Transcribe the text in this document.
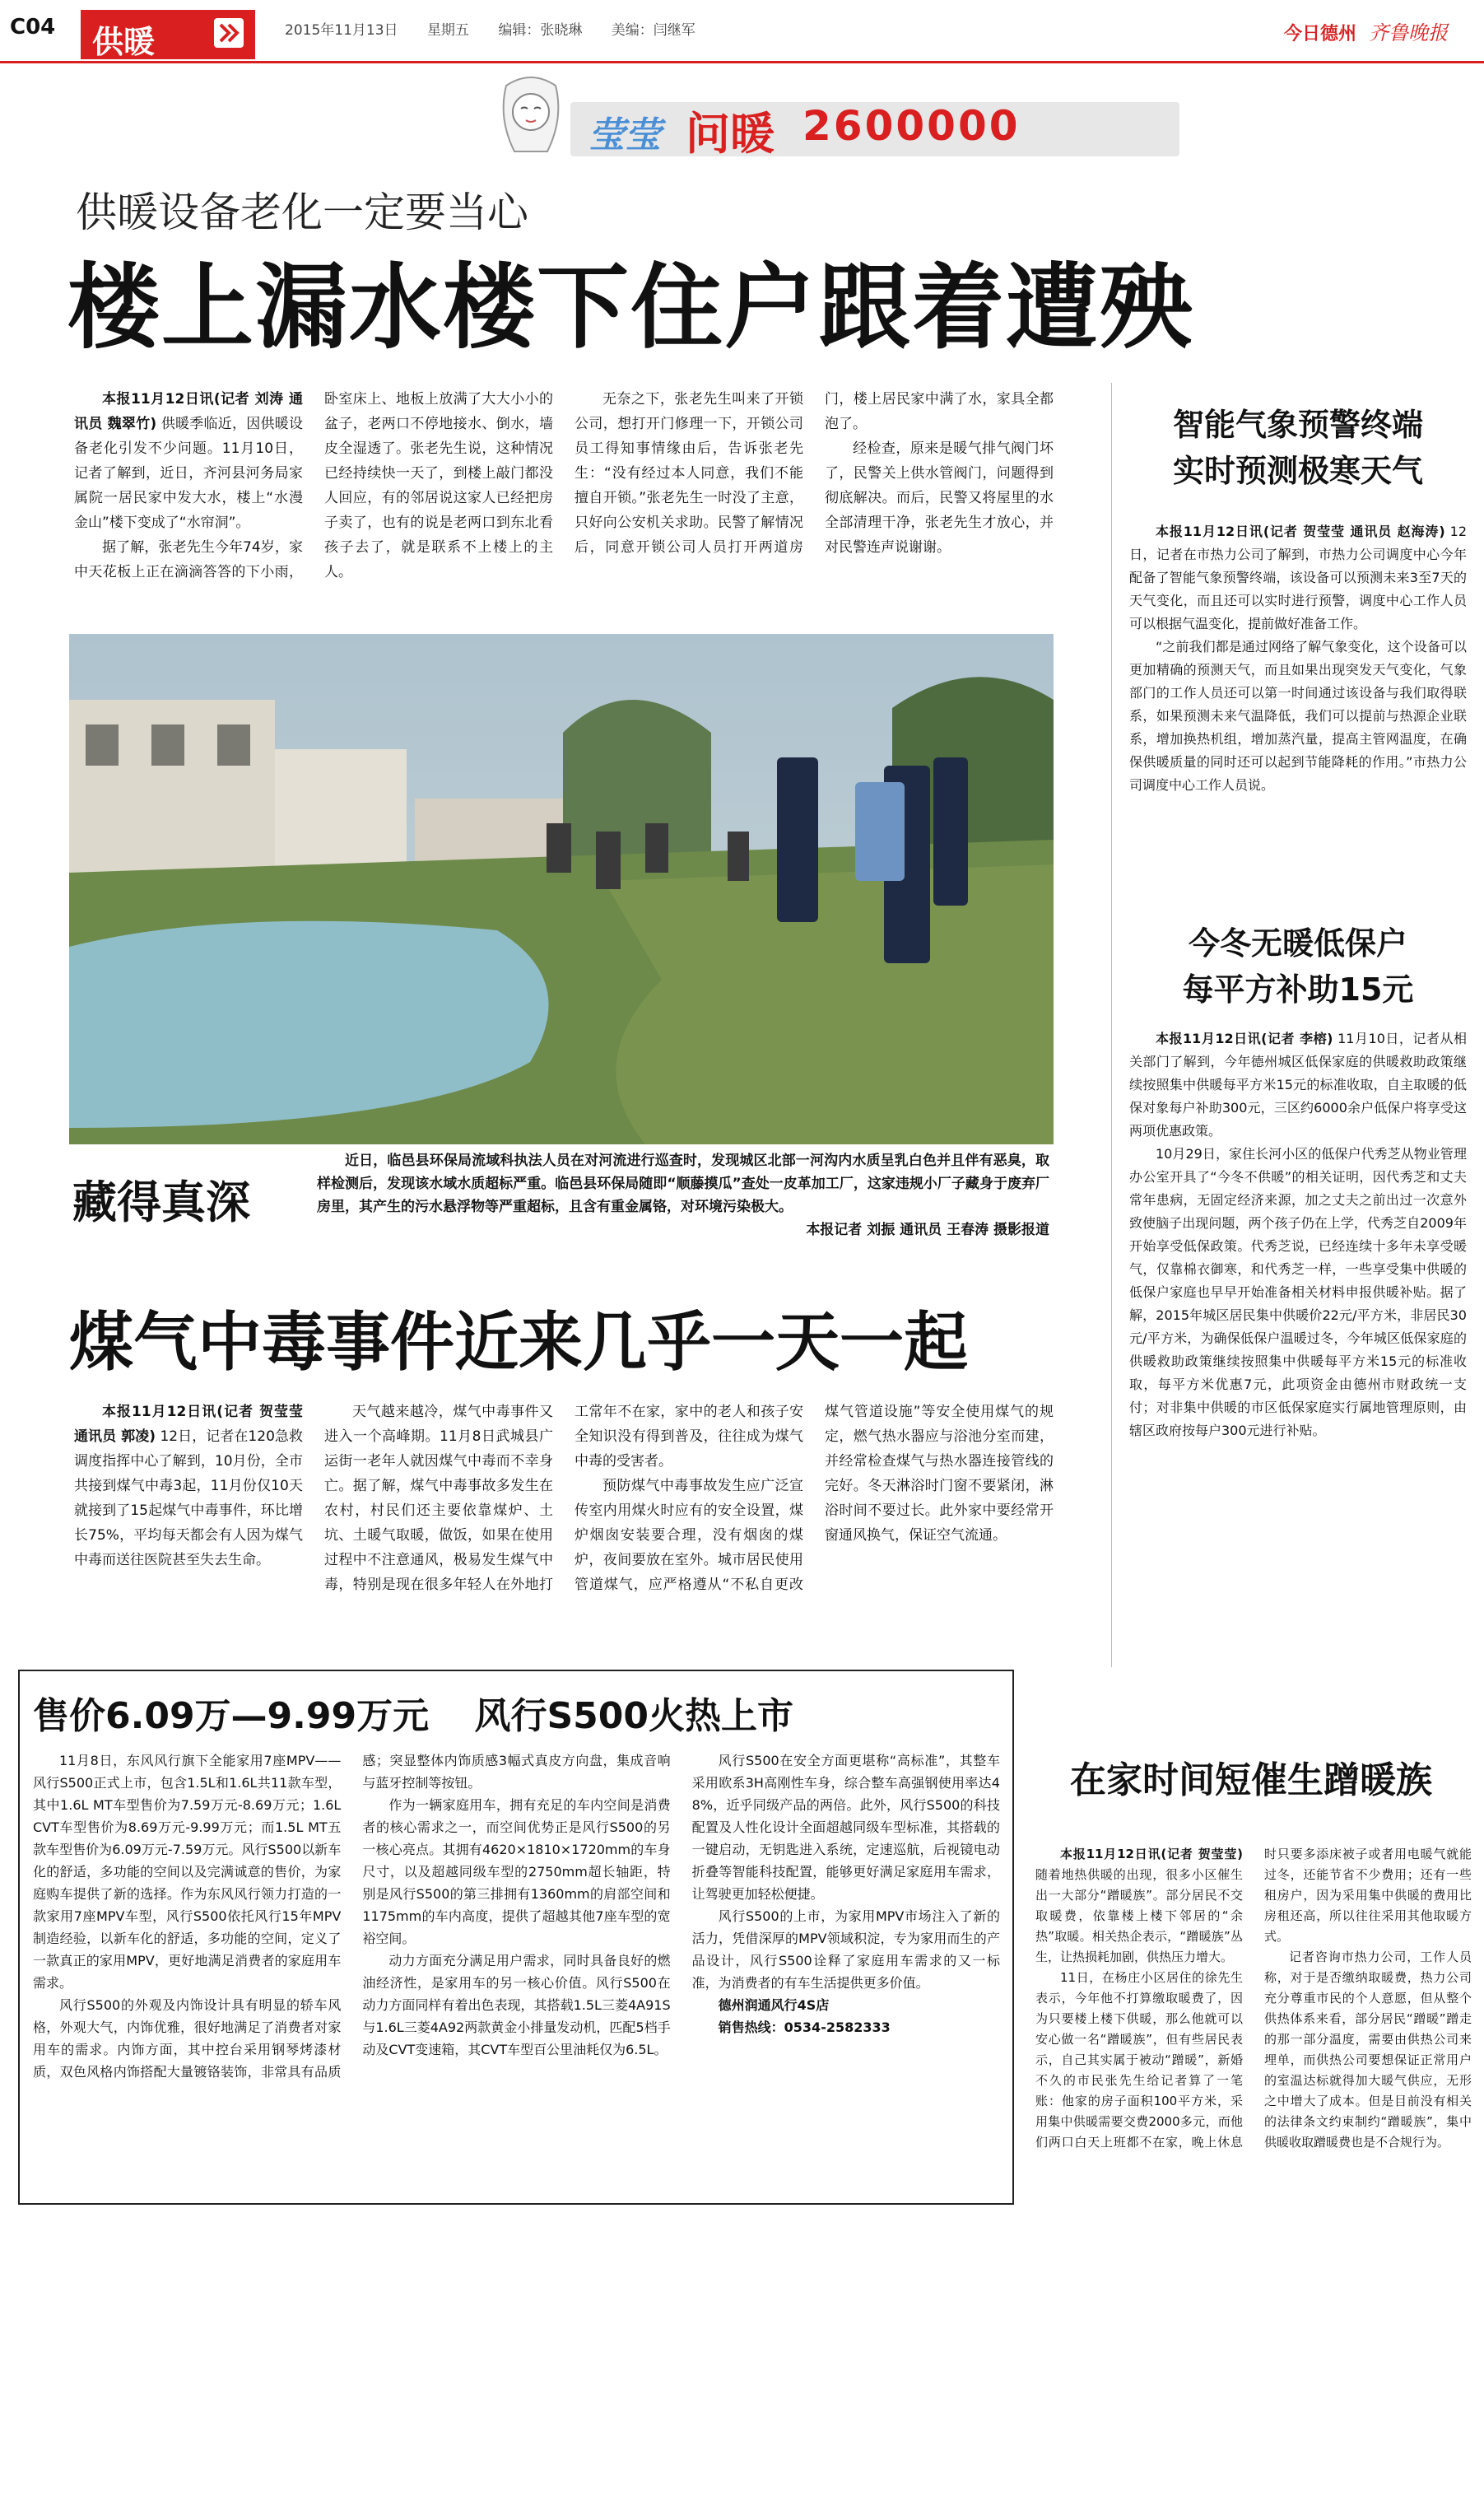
C04 供暖	2015年11月13日 星期五 编辑：张晓琳 美编：闫继军	今日德州 齐鲁晚报
莹莹 问暖 2600000
供暖设备老化一定要当心
楼上漏水楼下住户跟着遭殃

本报11月12日讯(记者 刘涛 通讯员 魏翠竹) 供暖季临近，因供暖设备老化引发不少问题。11月10日，记者了解到，近日，齐河县河务局家属院一居民家中发大水，楼上“水漫金山”楼下变成了“水帘洞”。

据了解，张老先生今年74岁，家中天花板上正在滴滴答答的下小雨，卧室床上、地板上放满了大大小小的盆子，老两口不停地接水、倒水，墙皮全湿透了。张老先生说，这种情况已经持续快一天了，到楼上敲门都没人回应，有的邻居说这家人已经把房子卖了，也有的说是老两口到东北看孩子去了，就是联系不上楼上的主人。

无奈之下，张老先生叫来了开锁公司，想打开门修理一下，开锁公司员工得知事情缘由后，告诉张老先生：“没有经过本人同意，我们不能擅自开锁。”张老先生一时没了主意，只好向公安机关求助。民警了解情况后，同意开锁公司人员打开两道房门，楼上居民家中满了水，家具全都泡了。

经检查，原来是暖气排气阀门坏了，民警关上供水管阀门，问题得到彻底解决。而后，民警又将屋里的水全部清理干净，张老先生才放心，并对民警连声说谢谢。

藏得真深
近日，临邑县环保局流域科执法人员在对河流进行巡查时，发现城区北部一河沟内水质呈乳白色并且伴有恶臭，取样检测后，发现该水域水质超标严重。临邑县环保局随即“顺藤摸瓜”查处一皮革加工厂，这家违规小厂子藏身于废弃厂房里，其产生的污水悬浮物等严重超标，且含有重金属铬，对环境污染极大。
本报记者 刘振 通讯员 王春涛 摄影报道
煤气中毒事件近来几乎一天一起

本报11月12日讯(记者 贺莹莹 通讯员 郭凌) 12日，记者在120急救调度指挥中心了解到，10月份，全市共接到煤气中毒3起，11月份仅10天就接到了15起煤气中毒事件，环比增长75%，平均每天都会有人因为煤气中毒而送往医院甚至失去生命。

天气越来越冷，煤气中毒事件又进入一个高峰期。11月8日武城县广运街一老年人就因煤气中毒而不幸身亡。据了解，煤气中毒事故多发生在农村，村民们还主要依靠煤炉、土坑、土暖气取暖，做饭，如果在使用过程中不注意通风，极易发生煤气中毒，特别是现在很多年轻人在外地打工常年不在家，家中的老人和孩子安全知识没有得到普及，往往成为煤气中毒的受害者。

预防煤气中毒事故发生应广泛宣传室内用煤火时应有的安全设置，煤炉烟囱安装要合理，没有烟囱的煤炉，夜间要放在室外。城市居民使用管道煤气，应严格遵从“不私自更改煤气管道设施”等安全使用煤气的规定，燃气热水器应与浴池分室而建，并经常检查煤气与热水器连接管线的完好。冬天淋浴时门窗不要紧闭，淋浴时间不要过长。此外家中要经常开窗通风换气，保证空气流通。

智能气象预警终端
实时预测极寒天气

本报11月12日讯(记者 贺莹莹 通讯员 赵海涛) 12日，记者在市热力公司了解到，市热力公司调度中心今年配备了智能气象预警终端，该设备可以预测未来3至7天的天气变化，而且还可以实时进行预警，调度中心工作人员可以根据气温变化，提前做好准备工作。

“之前我们都是通过网络了解气象变化，这个设备可以更加精确的预测天气，而且如果出现突发天气变化，气象部门的工作人员还可以第一时间通过该设备与我们取得联系，如果预测未来气温降低，我们可以提前与热源企业联系，增加换热机组，增加蒸汽量，提高主管网温度，在确保供暖质量的同时还可以起到节能降耗的作用。”市热力公司调度中心工作人员说。

今冬无暖低保户
每平方补助15元

本报11月12日讯(记者 李榕) 11月10日，记者从相关部门了解到，今年德州城区低保家庭的供暖救助政策继续按照集中供暖每平方米15元的标准收取，自主取暖的低保对象每户补助300元，三区约6000余户低保户将享受这两项优惠政策。

10月29日，家住长河小区的低保户代秀芝从物业管理办公室开具了“今冬不供暖”的相关证明，因代秀芝和丈夫常年患病，无固定经济来源，加之丈夫之前出过一次意外致使脑子出现问题，两个孩子仍在上学，代秀芝自2009年开始享受低保政策。代秀芝说，已经连续十多年未享受暖气，仅靠棉衣御寒，和代秀芝一样，一些享受集中供暖的低保户家庭也早早开始准备相关材料申报供暖补贴。据了解，2015年城区居民集中供暖价22元/平方米，非居民30元/平方米，为确保低保户温暖过冬，今年城区低保家庭的供暖救助政策继续按照集中供暖每平方米15元的标准收取，每平方米优惠7元，此项资金由德州市财政统一支付；对非集中供暖的市区低保家庭实行属地管理原则，由辖区政府按每户300元进行补贴。

售价6.09万—9.99万元 风行S500火热上市

11月8日，东风风行旗下全能家用7座MPV——风行S500正式上市，包含1.5L和1.6L共11款车型，其中1.6L MT车型售价为7.59万元-8.69万元；1.6L CVT车型售价为8.69万元-9.99万元；而1.5L MT五款车型售价为6.09万元-7.59万元。风行S500以新车化的舒适，多功能的空间以及完满诚意的售价，为家庭购车提供了新的选择。作为东风风行领力打造的一款家用7座MPV车型，风行S500依托风行15年MPV制造经验，以新车化的舒适，多功能的空间，定义了一款真正的家用MPV，更好地满足消费者的家庭用车需求。

风行S500的外观及内饰设计具有明显的轿车风格，外观大气，内饰优雅，很好地满足了消费者对家用车的需求。内饰方面，其中控台采用钢琴烤漆材质，双色风格内饰搭配大量镀铬装饰，非常具有品质感；突显整体内饰质感3幅式真皮方向盘，集成音响与蓝牙控制等按钮。

作为一辆家庭用车，拥有充足的车内空间是消费者的核心需求之一，而空间优势正是风行S500的另一核心亮点。其拥有4620×1810×1720mm的车身尺寸，以及超越同级车型的2750mm超长轴距，特别是风行S500的第三排拥有1360mm的肩部空间和1175mm的车内高度，提供了超越其他7座车型的宽裕空间。

动力方面充分满足用户需求，同时具备良好的燃油经济性，是家用车的另一核心价值。风行S500在动力方面同样有着出色表现，其搭载1.5L三菱4A91S与1.6L三菱4A92两款黄金小排量发动机，匹配5档手动及CVT变速箱，其CVT车型百公里油耗仅为6.5L。

风行S500在安全方面更堪称“高标准”，其整车采用欧系3H高刚性车身，综合整车高强钢使用率达48%，近乎同级产品的两倍。此外，风行S500的科技配置及人性化设计全面超越同级车型标准，其搭载的一键启动，无钥匙进入系统，定速巡航，后视镜电动折叠等智能科技配置，能够更好满足家庭用车需求，让驾驶更加轻松便捷。

风行S500的上市，为家用MPV市场注入了新的活力，凭借深厚的MPV领域积淀，专为家用而生的产品设计，风行S500诠释了家庭用车需求的又一标准，为消费者的有车生活提供更多价值。

德州润通风行4S店

销售热线：0534-2582333

在家时间短催生蹭暖族

本报11月12日讯(记者 贺莹莹) 随着地热供暖的出现，很多小区催生出一大部分“蹭暖族”。部分居民不交取暖费，依靠楼上楼下邻居的“余热”取暖。相关热企表示，“蹭暖族”丛生，让热损耗加剧，供热压力增大。

11日，在杨庄小区居住的徐先生表示，今年他不打算缴取暖费了，因为只要楼上楼下供暖，那么他就可以安心做一名“蹭暖族”，但有些居民表示，自己其实属于被动“蹭暖”，新婚不久的市民张先生给记者算了一笔账：他家的房子面积100平方米，采用集中供暖需要交费2000多元，而他们两口白天上班都不在家，晚上休息时只要多添床被子或者用电暖气就能过冬，还能节省不少费用；还有一些租房户，因为采用集中供暖的费用比房租还高，所以往往采用其他取暖方式。

记者咨询市热力公司，工作人员称，对于是否缴纳取暖费，热力公司充分尊重市民的个人意愿，但从整个供热体系来看，部分居民“蹭暖”蹭走的那一部分温度，需要由供热公司来埋单，而供热公司要想保证正常用户的室温达标就得加大暖气供应，无形之中增大了成本。但是目前没有相关的法律条文约束制约“蹭暖族”，集中供暖收取蹭暖费也是不合规行为。
